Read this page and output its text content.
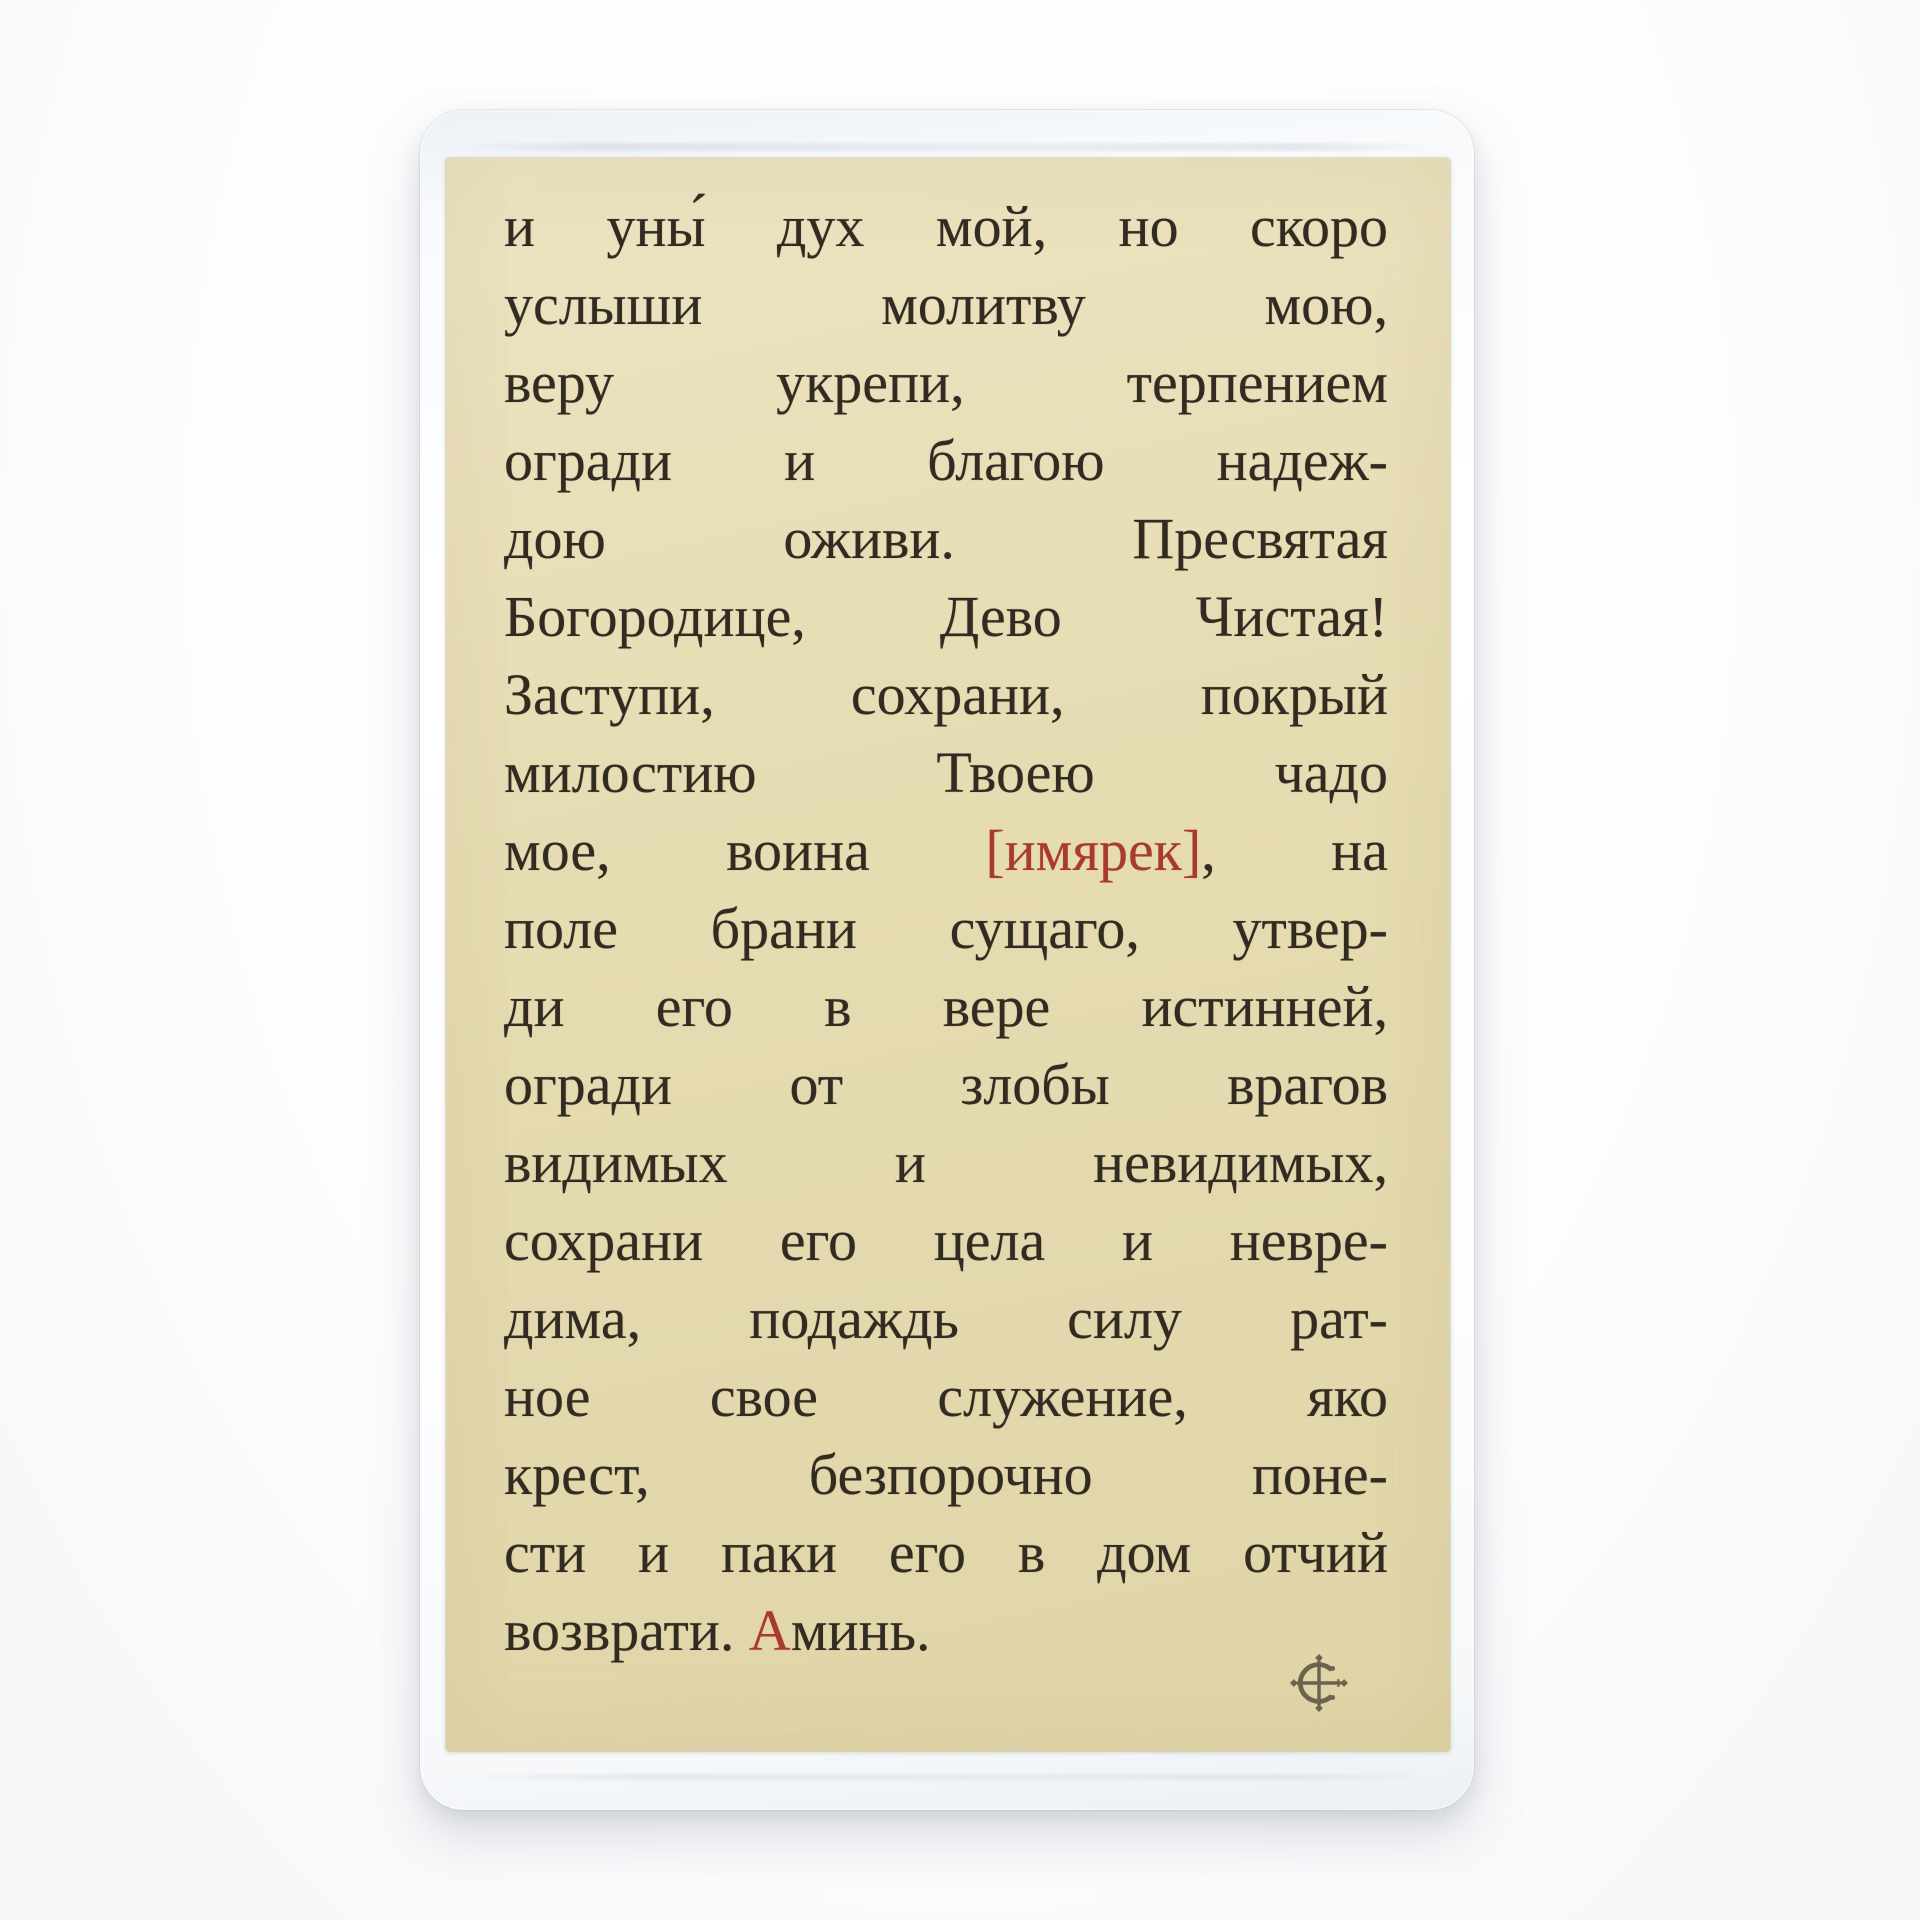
и уны́ дух мой, но скоро
услыши молитву мою,
веру укрепи, терпением
огради и благою надеж-
дою оживи. Пресвятая
Богородице, Дево Чистая!
Заступи, сохрани, покрый
милостию Твоею чадо
мое, воина [имярек], на
поле брани сущаго, утвер-
ди его в вере истинней,
огради от злобы врагов
видимых и невидимых,
сохрани его цела и невре-
дима, подаждь силу рат-
ное свое служение, яко
крест, безпорочно поне-
сти и паки его в дом отчий
возврати. Аминь.
